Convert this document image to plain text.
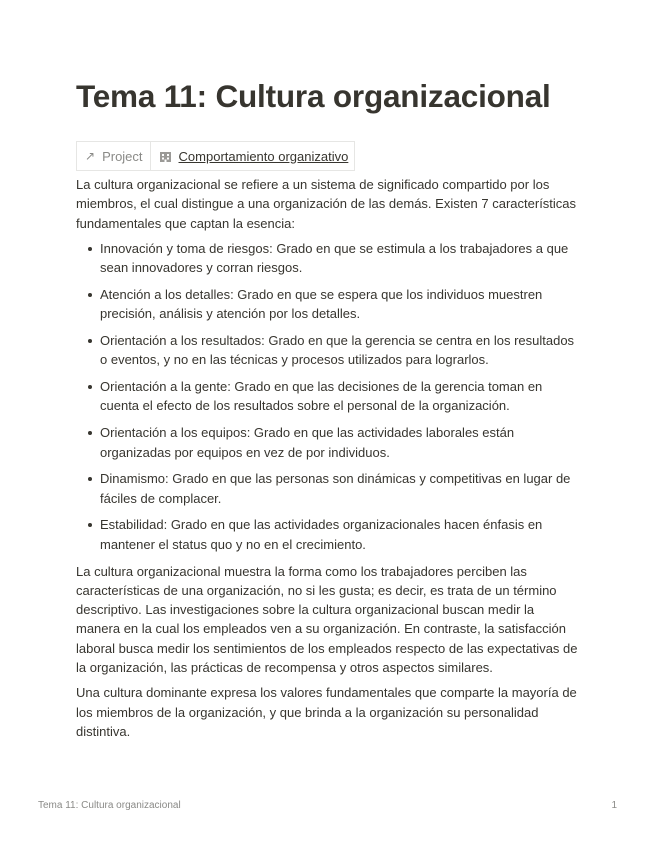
Tema 11: Cultura organizacional
↗ Project	Comportamiento organizativo

La cultura organizacional se refiere a un sistema de significado compartido por los miembros, el cual distingue a una organización de las demás. Existen 7 características fundamentales que captan la esencia:

Innovación y toma de riesgos: Grado en que se estimula a los trabajadores a que sean innovadores y corran riesgos.
Atención a los detalles: Grado en que se espera que los individuos muestren precisión, análisis y atención por los detalles.
Orientación a los resultados: Grado en que la gerencia se centra en los resultados o eventos, y no en las técnicas y procesos utilizados para lograrlos.
Orientación a la gente: Grado en que las decisiones de la gerencia toman en cuenta el efecto de los resultados sobre el personal de la organización.
Orientación a los equipos: Grado en que las actividades laborales están organizadas por equipos en vez de por individuos.
Dinamismo: Grado en que las personas son dinámicas y competitivas en lugar de fáciles de complacer.
Estabilidad: Grado en que las actividades organizacionales hacen énfasis en mantener el status quo y no en el crecimiento.

La cultura organizacional muestra la forma como los trabajadores perciben las características de una organización, no si les gusta; es decir, es trata de un término descriptivo. Las investigaciones sobre la cultura organizacional buscan medir la manera en la cual los empleados ven a su organización. En contraste, la satisfacción laboral busca medir los sentimientos de los empleados respecto de las expectativas de la organización, las prácticas de recompensa y otros aspectos similares.

Una cultura dominante expresa los valores fundamentales que comparte la mayoría de los miembros de la organización, y que brinda a la organización su personalidad distintiva.

Tema 11: Cultura organizacional	1
